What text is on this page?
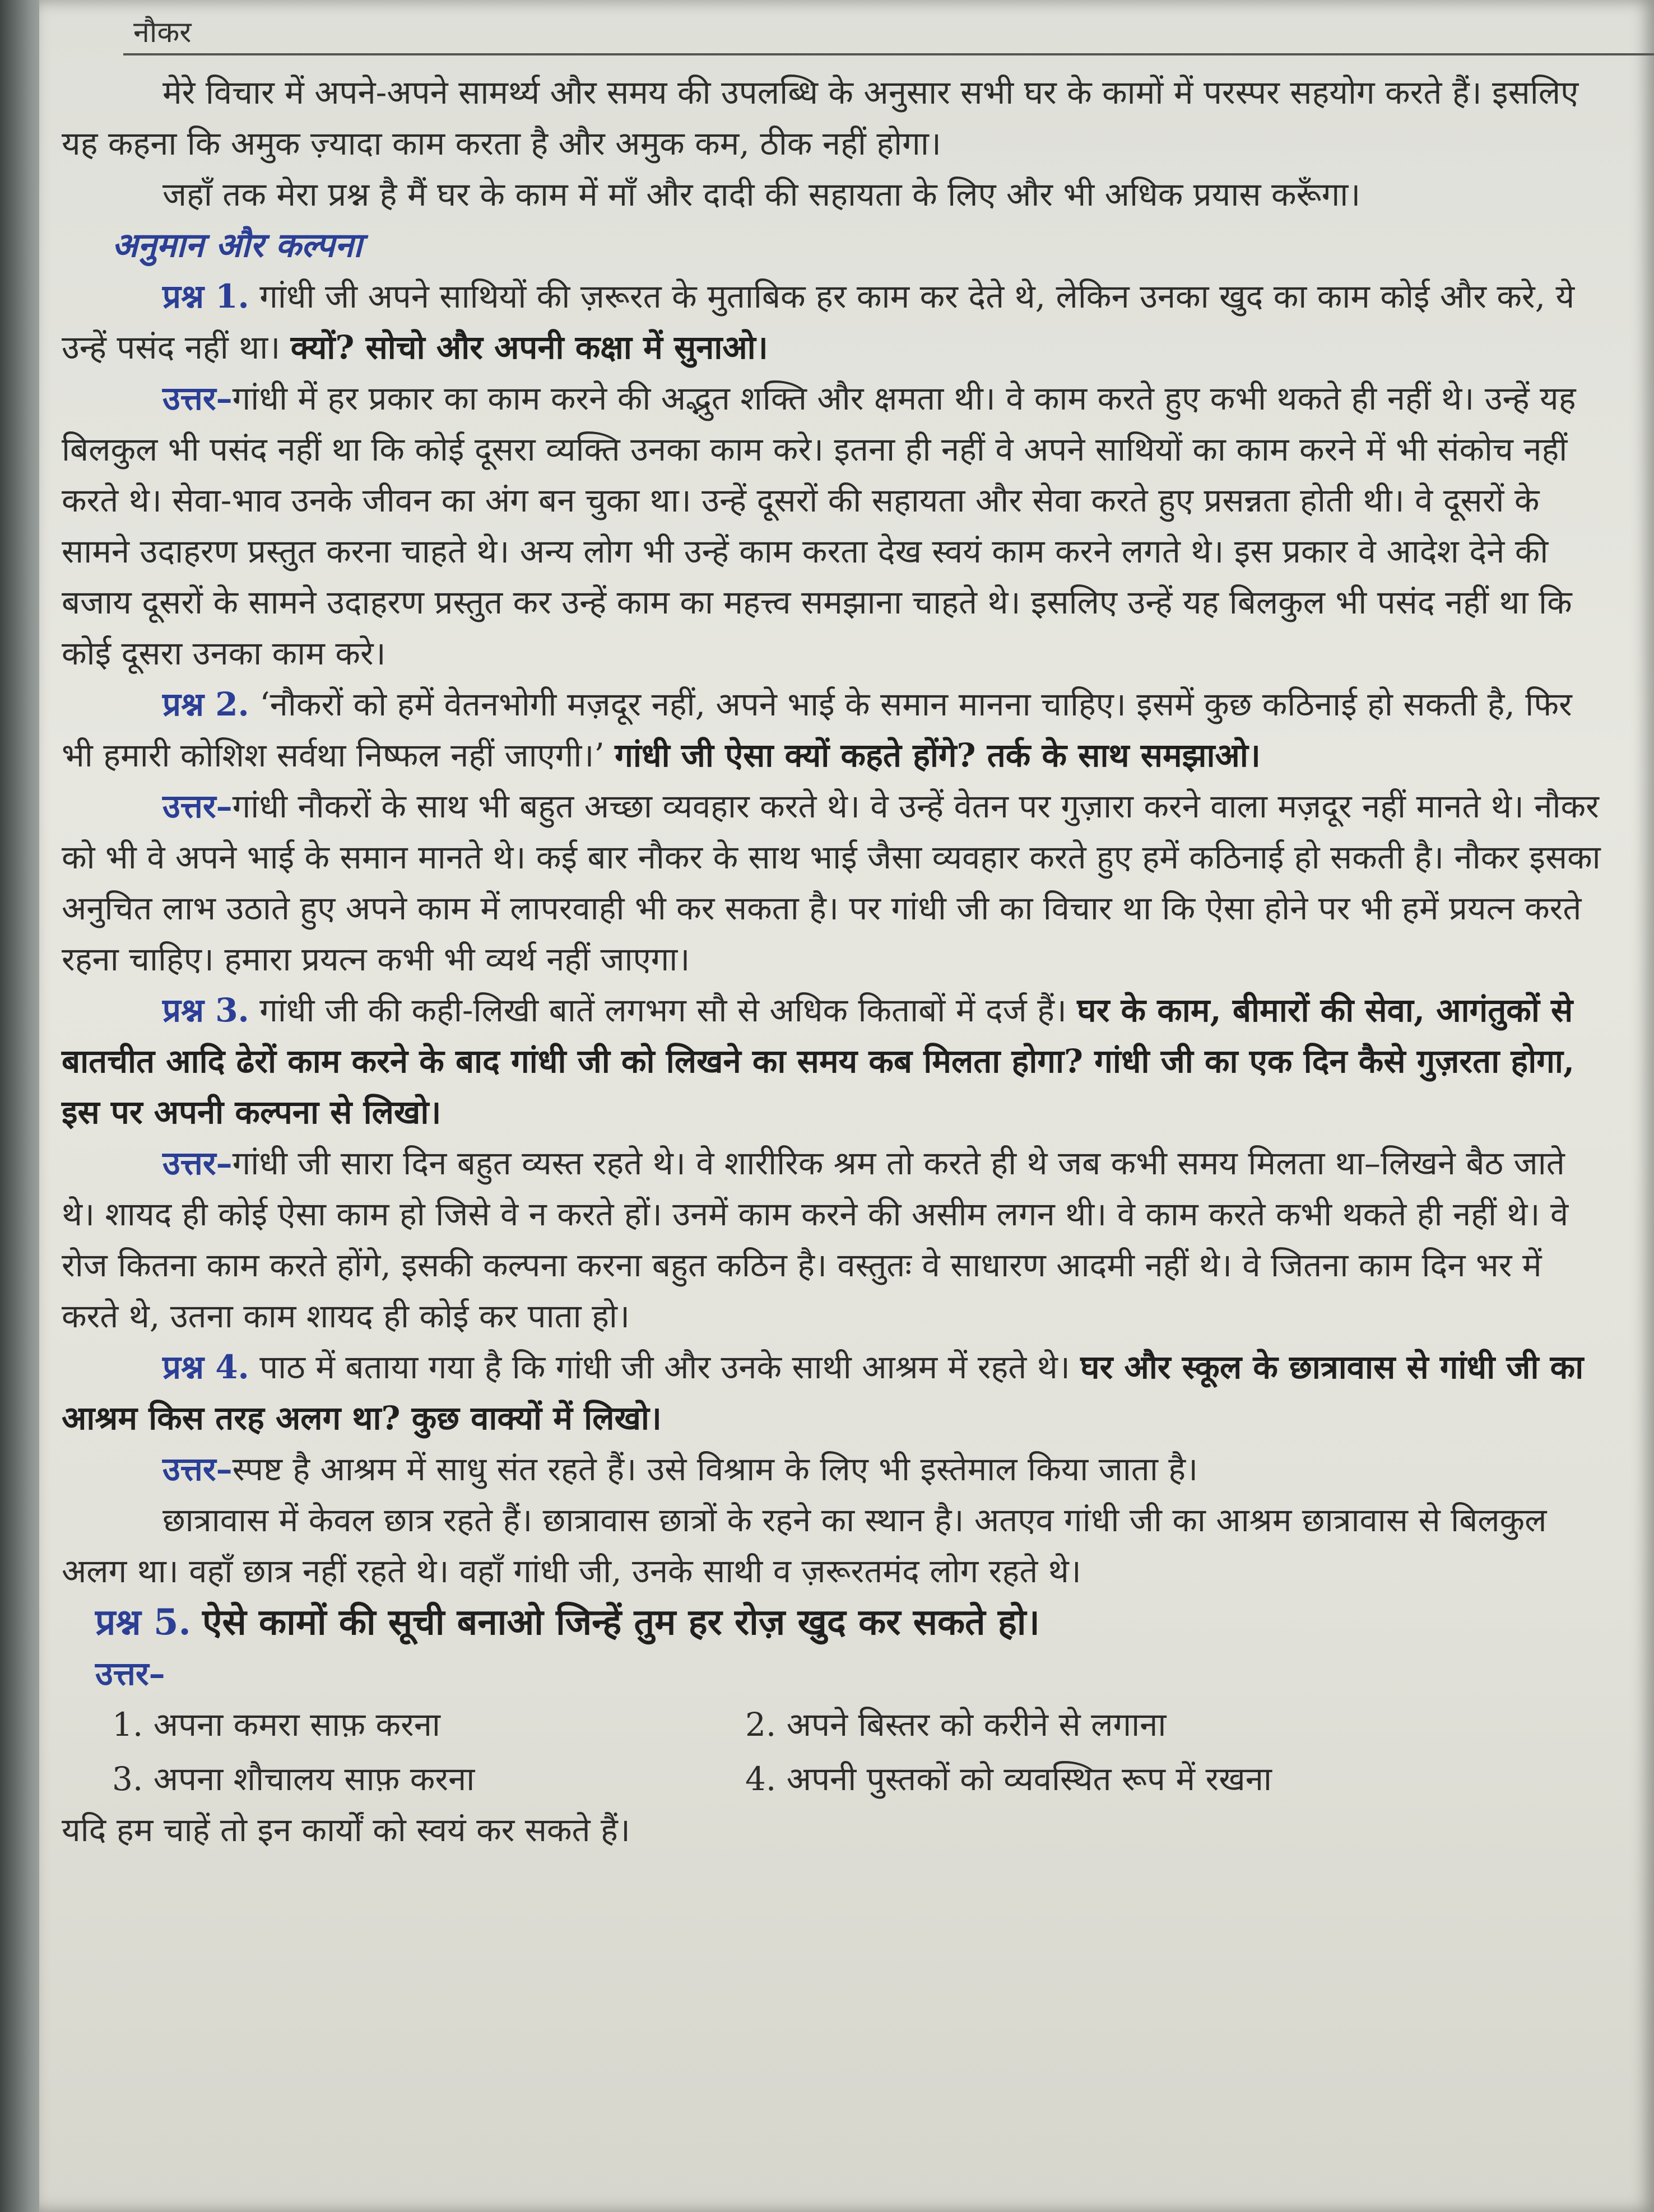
नौकर

मेरे विचार में अपने-अपने सामर्थ्य और समय की उपलब्धि के अनुसार सभी घर के कामों में परस्पर सहयोग करते हैं। इसलिए यह कहना कि अमुक ज़्यादा काम करता है और अमुक कम, ठीक नहीं होगा।

जहाँ तक मेरा प्रश्न है मैं घर के काम में माँ और दादी की सहायता के लिए और भी अधिक प्रयास करूँगा।

अनुमान और कल्पना

प्रश्न 1. गांधी जी अपने साथियों की ज़रूरत के मुताबिक हर काम कर देते थे, लेकिन उनका खुद का काम कोई और करे, ये उन्हें पसंद नहीं था। क्यों? सोचो और अपनी कक्षा में सुनाओ।

उत्तर–गांधी में हर प्रकार का काम करने की अद्भुत शक्ति और क्षमता थी। वे काम करते हुए कभी थकते ही नहीं थे। उन्हें यह बिलकुल भी पसंद नहीं था कि कोई दूसरा व्यक्ति उनका काम करे। इतना ही नहीं वे अपने साथियों का काम करने में भी संकोच नहीं करते थे। सेवा-भाव उनके जीवन का अंग बन चुका था। उन्हें दूसरों की सहायता और सेवा करते हुए प्रसन्नता होती थी। वे दूसरों के सामने उदाहरण प्रस्तुत करना चाहते थे। अन्य लोग भी उन्हें काम करता देख स्वयं काम करने लगते थे। इस प्रकार वे आदेश देने की बजाय दूसरों के सामने उदाहरण प्रस्तुत कर उन्हें काम का महत्त्व समझाना चाहते थे। इसलिए उन्हें यह बिलकुल भी पसंद नहीं था कि कोई दूसरा उनका काम करे।

प्रश्न 2. ‘नौकरों को हमें वेतनभोगी मज़दूर नहीं, अपने भाई के समान मानना चाहिए। इसमें कुछ कठिनाई हो सकती है, फिर भी हमारी कोशिश सर्वथा निष्फल नहीं जाएगी।’ गांधी जी ऐसा क्यों कहते होंगे? तर्क के साथ समझाओ।

उत्तर–गांधी नौकरों के साथ भी बहुत अच्छा व्यवहार करते थे। वे उन्हें वेतन पर गुज़ारा करने वाला मज़दूर नहीं मानते थे। नौकर को भी वे अपने भाई के समान मानते थे। कई बार नौकर के साथ भाई जैसा व्यवहार करते हुए हमें कठिनाई हो सकती है। नौकर इसका अनुचित लाभ उठाते हुए अपने काम में लापरवाही भी कर सकता है। पर गांधी जी का विचार था कि ऐसा होने पर भी हमें प्रयत्न करते रहना चाहिए। हमारा प्रयत्न कभी भी व्यर्थ नहीं जाएगा।

प्रश्न 3. गांधी जी की कही-लिखी बातें लगभग सौ से अधिक किताबों में दर्ज हैं। घर के काम, बीमारों की सेवा, आगंतुकों से बातचीत आदि ढेरों काम करने के बाद गांधी जी को लिखने का समय कब मिलता होगा? गांधी जी का एक दिन कैसे गुज़रता होगा, इस पर अपनी कल्पना से लिखो।

उत्तर–गांधी जी सारा दिन बहुत व्यस्त रहते थे। वे शारीरिक श्रम तो करते ही थे जब कभी समय मिलता था–लिखने बैठ जाते थे। शायद ही कोई ऐसा काम हो जिसे वे न करते हों। उनमें काम करने की असीम लगन थी। वे काम करते कभी थकते ही नहीं थे। वे रोज कितना काम करते होंगे, इसकी कल्पना करना बहुत कठिन है। वस्तुतः वे साधारण आदमी नहीं थे। वे जितना काम दिन भर में करते थे, उतना काम शायद ही कोई कर पाता हो।

प्रश्न 4. पाठ में बताया गया है कि गांधी जी और उनके साथी आश्रम में रहते थे। घर और स्कूल के छात्रावास से गांधी जी का आश्रम किस तरह अलग था? कुछ वाक्यों में लिखो।

उत्तर–स्पष्ट है आश्रम में साधु संत रहते हैं। उसे विश्राम के लिए भी इस्तेमाल किया जाता है।

छात्रावास में केवल छात्र रहते हैं। छात्रावास छात्रों के रहने का स्थान है। अतएव गांधी जी का आश्रम छात्रावास से बिलकुल अलग था। वहाँ छात्र नहीं रहते थे। वहाँ गांधी जी, उनके साथी व ज़रूरतमंद लोग रहते थे।

प्रश्न 5. ऐसे कामों की सूची बनाओ जिन्हें तुम हर रोज़ खुद कर सकते हो।

उत्तर–

1. अपना कमरा साफ़ करना	2. अपने बिस्तर को करीने से लगाना
3. अपना शौचालय साफ़ करना	4. अपनी पुस्तकों को व्यवस्थित रूप में रखना

यदि हम चाहें तो इन कार्यों को स्वयं कर सकते हैं।
